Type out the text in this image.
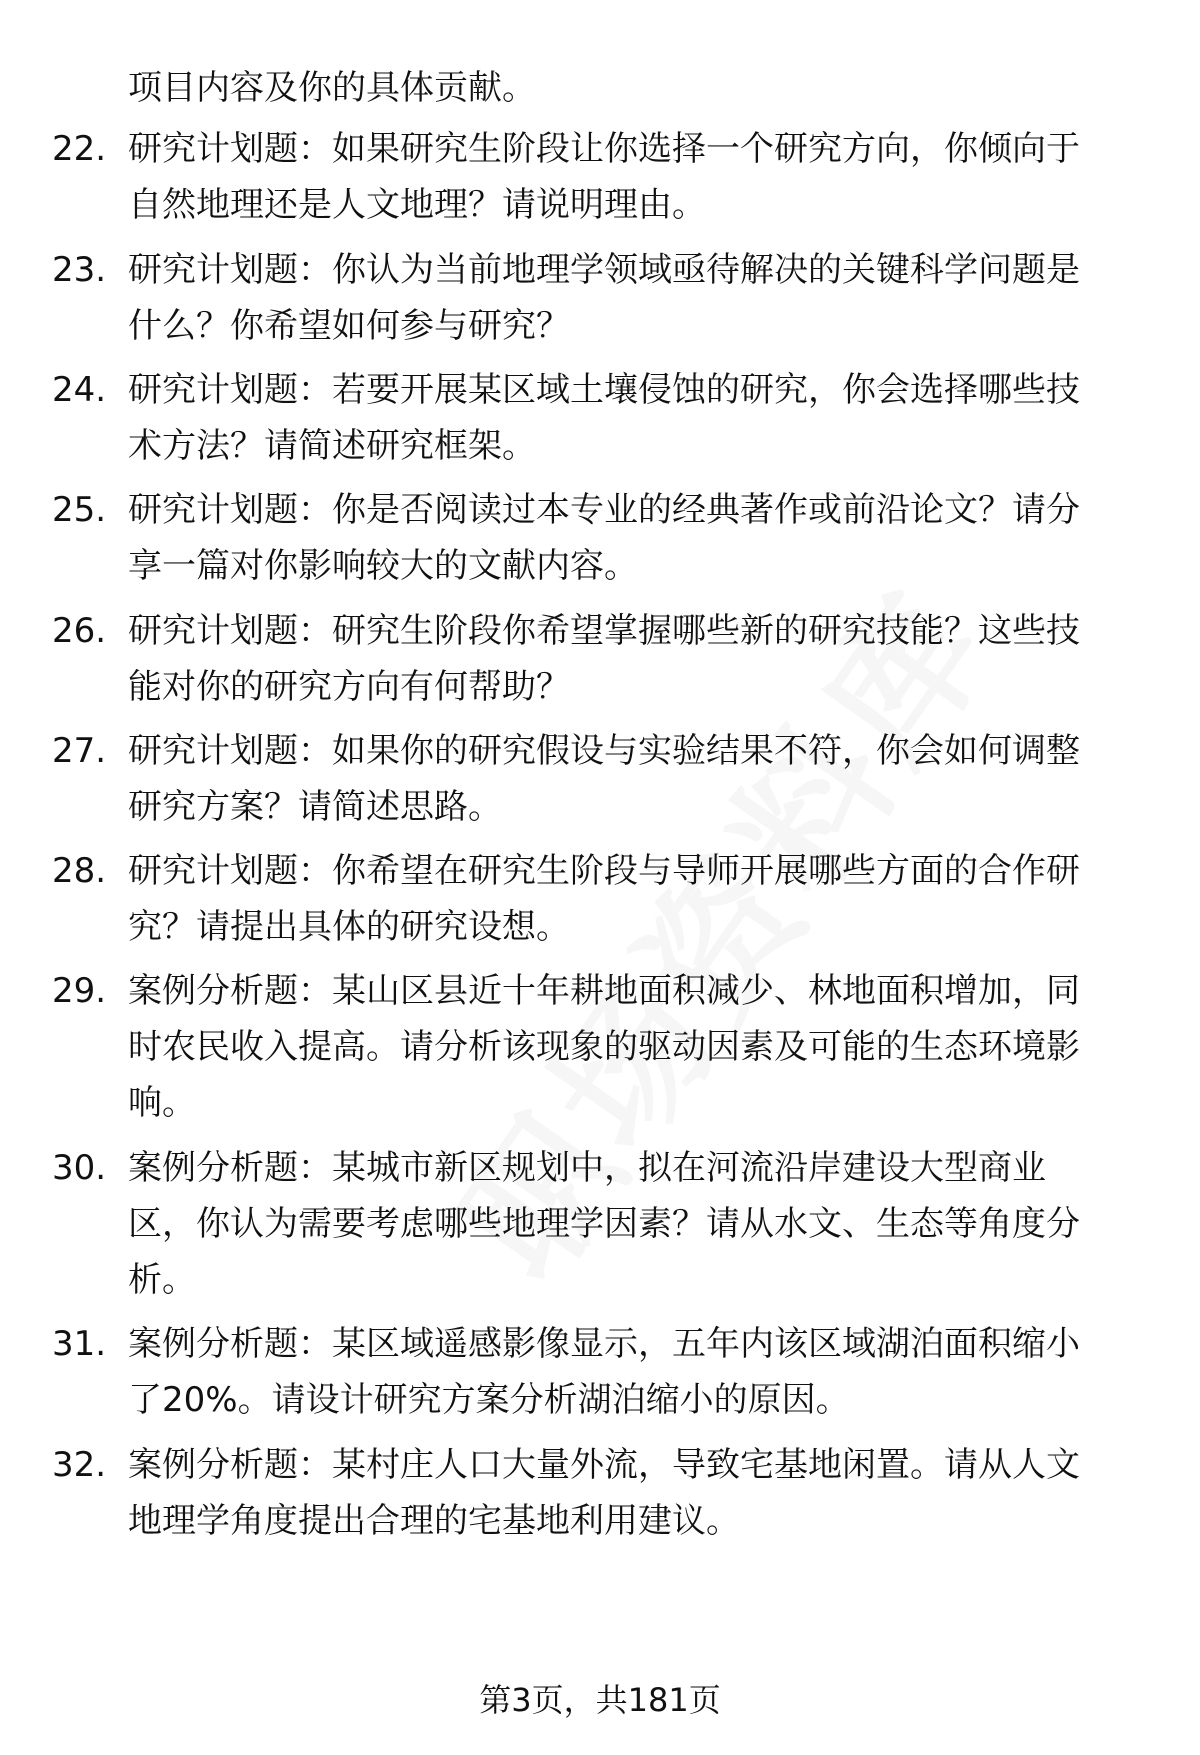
项目内容及你的具体贡献。
22. 研究计划题：如果研究生阶段让你选择一个研究方向，你倾向于
自然地理还是人文地理？请说明理由。
23. 研究计划题：你认为当前地理学领域亟待解决的关键科学问题是
什么？你希望如何参与研究？
24. 研究计划题：若要开展某区域土壤侵蚀的研究，你会选择哪些技
术方法？请简述研究框架。
25. 研究计划题：你是否阅读过本专业的经典著作或前沿论文？请分
享一篇对你影响较大的文献内容。
26. 研究计划题：研究生阶段你希望掌握哪些新的研究技能？这些技
能对你的研究方向有何帮助？
27. 研究计划题：如果你的研究假设与实验结果不符，你会如何调整
研究方案？请简述思路。
28. 研究计划题：你希望在研究生阶段与导师开展哪些方面的合作研
究？请提出具体的研究设想。
29. 案例分析题：某山区县近十年耕地面积减少、林地面积增加，同
时农民收入提高。请分析该现象的驱动因素及可能的生态环境影
响。
30. 案例分析题：某城市新区规划中，拟在河流沿岸建设大型商业
区，你认为需要考虑哪些地理学因素？请从水文、生态等角度分
析。
31. 案例分析题：某区域遥感影像显示，五年内该区域湖泊面积缩小
了20%。请设计研究方案分析湖泊缩小的原因。
32. 案例分析题：某村庄人口大量外流，导致宅基地闲置。请从人文
地理学角度提出合理的宅基地利用建议。
第3页，共181页
